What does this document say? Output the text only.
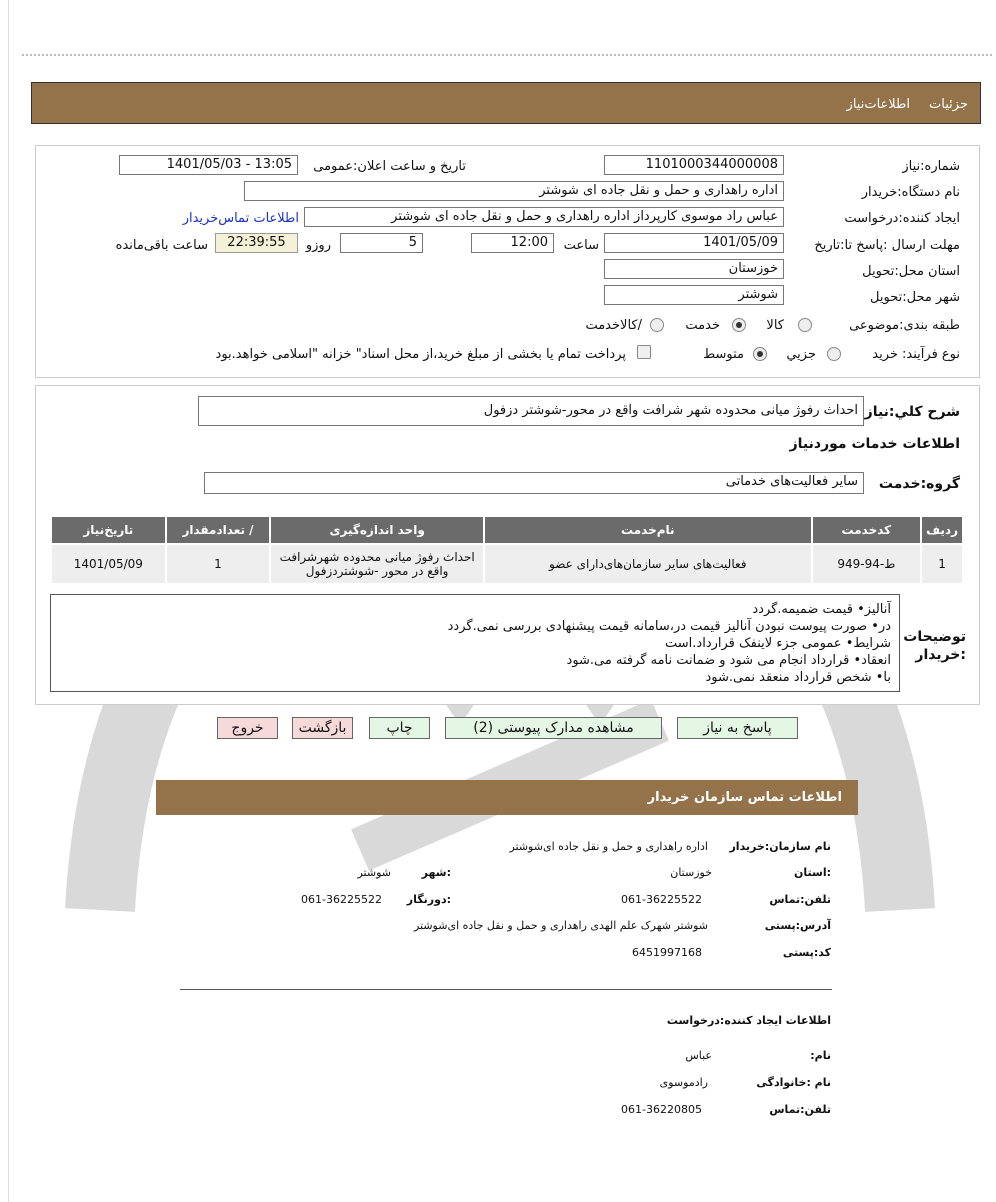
جزئیات
اطلاعات‌نیاز
شماره:نیاز
1101000344000008
تاریخ و ساعت اعلان:عمومی
1401/05/03 - 13:05
نام دستگاه:خریدار
اداره راهداری و حمل و نقل جاده ای شوشتر
ایجاد کننده:درخواست
عباس راد موسوی کارپرداز اداره راهداری و حمل و نقل جاده ای شوشتر
اطلاعات تماس‌خریدار
مهلت ارسال :پاسخ تا:تاریخ
1401/05/09
ساعت
12:00
5
روزو
22:39:55
ساعت باقی‌مانده
استان محل:تحویل
خوزستان
شهر محل:تحویل
شوشتر
طبقه بندی:موضوعی
کالا
خدمت
/کالاخدمت
نوع فرآیند: خرید
جزيي
متوسط
پرداخت تمام یا بخشی از مبلغ خرید،از محل اسناد" خزانه "اسلامی خواهد.بود
شرح کلي:نیاز
احداث رفوژ میانی محدوده شهر شرافت واقع در محور-شوشتر دزفول
اطلاعات خدمات موردنیاز
گروه:خدمت
سایر فعالیت‌های خدماتی
ردیف	کدخدمت	نام‌خدمت	واحد اندازه‌گیری	/ تعدادمقدار	تاریخ‌نیاز
1	ط-94-949	فعالیت‌های سایر سازمان‌های‌دارای عضو	احداث رفوژ میانی محدوده شهرشرافت واقع در محور -شوشتردزفول	1	1401/05/09
توضیحات :خریدار
آنالیز• قیمت ضمیمه.گردد
در• صورت پیوست نبودن آنالیز قیمت در،سامانه قیمت پیشنهادی بررسی نمی.گردد
شرایط• عمومی جزء لاینفک قرارداد.است
انعقاد• قرارداد انجام می شود و ضمانت نامه گرفته می.شود
با• شخص قرارداد منعقد نمی.شود
پاسخ به نیاز
مشاهده مدارک پیوستی (2)
چاپ
بازگشت
خروج
اطلاعات تماس سازمان خریدار
نام سازمان:خریدار
اداره راهداری و حمل و نقل جاده ای‌شوشتر
:استان
خوزستان
:شهر
شوشتر
تلفن:تماس
061-36225522
:دورنگار
061-36225522
آدرس:پستی
شوشتر شهرک علم الهدی راهداری و حمل و نقل جاده ای‌شوشتر
کد:پستی
6451997168
اطلاعات ایجاد کننده:درخواست
نام:
عباس
نام :خانوادگی
رادموسوی
تلفن:تماس
061-36220805
